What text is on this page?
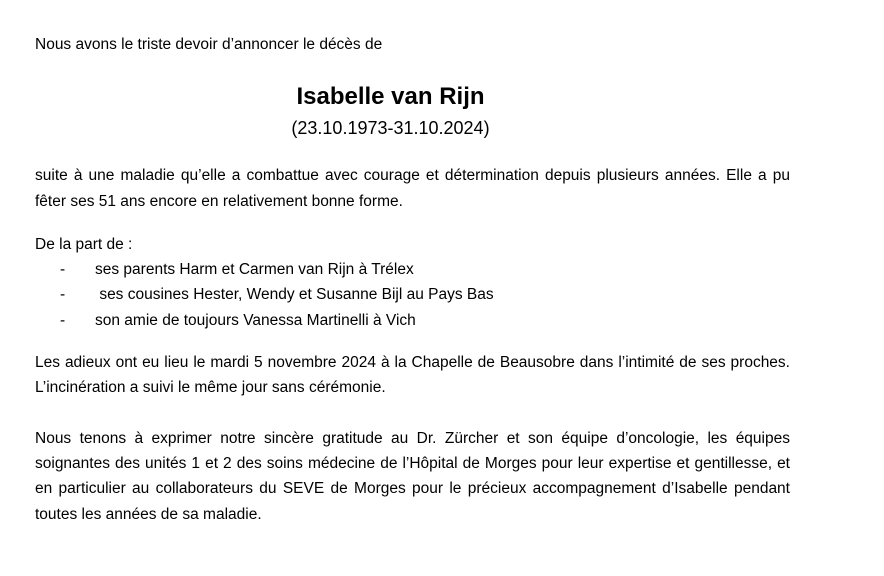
Nous avons le triste devoir d’annoncer le décès de

Isabelle van Rijn
(23.10.1973-31.10.2024)

suite à une maladie qu’elle a combattue avec courage et détermination depuis plusieurs années. Elle a pu fêter ses 51 ans encore en relativement bonne forme.

De la part de :

-	ses parents Harm et Carmen van Rijn à Trélex
-	ses cousines Hester, Wendy et Susanne Bijl au Pays Bas
-	son amie de toujours Vanessa Martinelli à Vich

Les adieux ont eu lieu le mardi 5 novembre 2024 à la Chapelle de Beausobre dans l’intimité de ses proches. L’incinération a suivi le même jour sans cérémonie.

Nous tenons à exprimer notre sincère gratitude au Dr. Zürcher et son équipe d’oncologie, les équipes soignantes des unités 1 et 2 des soins médecine de l’Hôpital de Morges pour leur expertise et gentillesse, et en particulier au collaborateurs du SEVE de Morges pour le précieux accompagnement d’Isabelle pendant toutes les années de sa maladie.
